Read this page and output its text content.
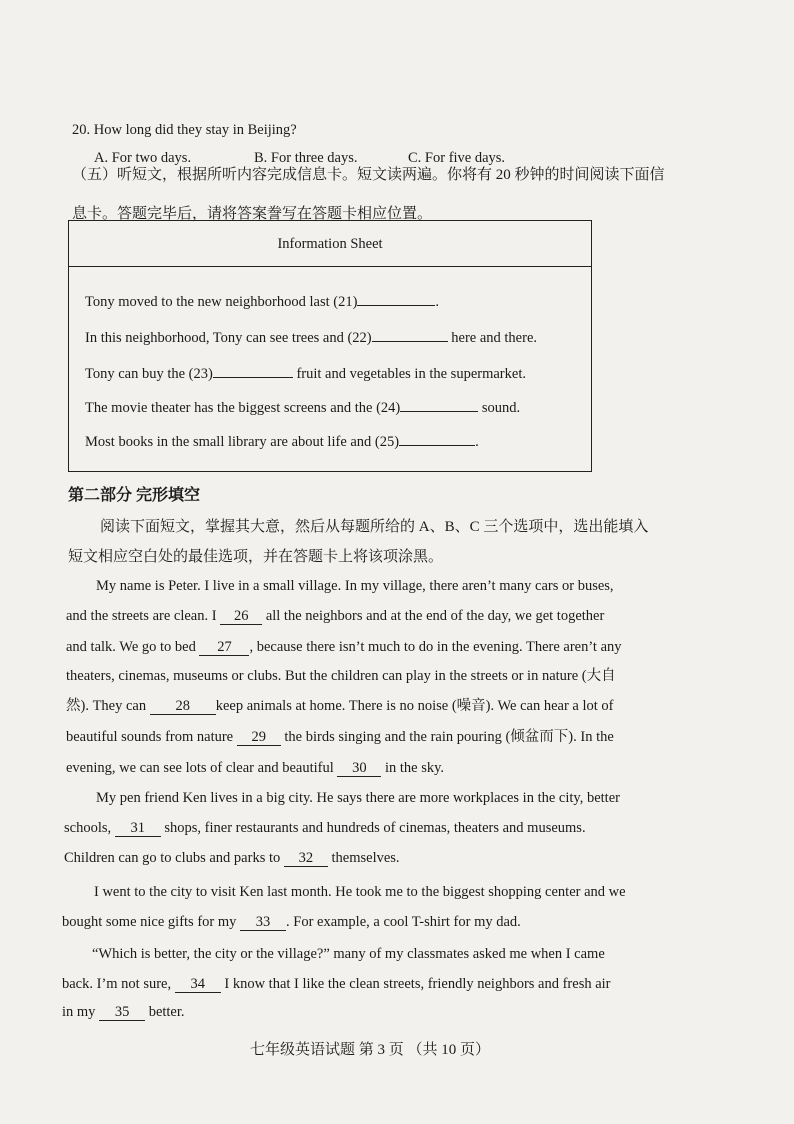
20. How long did they stay in Beijing?
A. For two days.	B. For three days.	C. For five days.
（五）听短文，根据所听内容完成信息卡。短文读两遍。你将有 20 秒钟的时间阅读下面信
息卡。答题完毕后，请将答案誊写在答题卡相应位置。
Information Sheet
Tony moved to the new neighborhood last (21)	.
In this neighborhood, Tony can see trees and (22)	here and there.
Tony can buy the (23)	fruit and vegetables in the supermarket.
The movie theater has the biggest screens and the (24)	sound.
Most books in the small library are about life and (25)	.
第二部分 完形填空
阅读下面短文，掌握其大意，然后从每题所给的 A、B、C 三个选项中，选出能填入
短文相应空白处的最佳选项，并在答题卡上将该项涂黑。
My name is Peter. I live in a small village. In my village, there aren’t many cars or buses,
and the streets are clean. I 26 all the neighbors and at the end of the day, we get together
and talk. We go to bed 27 , because there isn’t much to do in the evening. There aren’t any
theaters, cinemas, museums or clubs. But the children can play in the streets or in nature (大自
然). They can 28 keep animals at home. There is no noise (噪音). We can hear a lot of
beautiful sounds from nature 29 the birds singing and the rain pouring (倾盆而下). In the
evening, we can see lots of clear and beautiful 30 in the sky.
My pen friend Ken lives in a big city. He says there are more workplaces in the city, better
schools, 31 shops, finer restaurants and hundreds of cinemas, theaters and museums.
Children can go to clubs and parks to 32 themselves.
I went to the city to visit Ken last month. He took me to the biggest shopping center and we
bought some nice gifts for my 33 . For example, a cool T-shirt for my dad.
“Which is better, the city or the village?” many of my classmates asked me when I came
back. I’m not sure, 34 I know that I like the clean streets, friendly neighbors and fresh air
in my 35 better.
七年级英语试题 第 3 页 （共 10 页）
